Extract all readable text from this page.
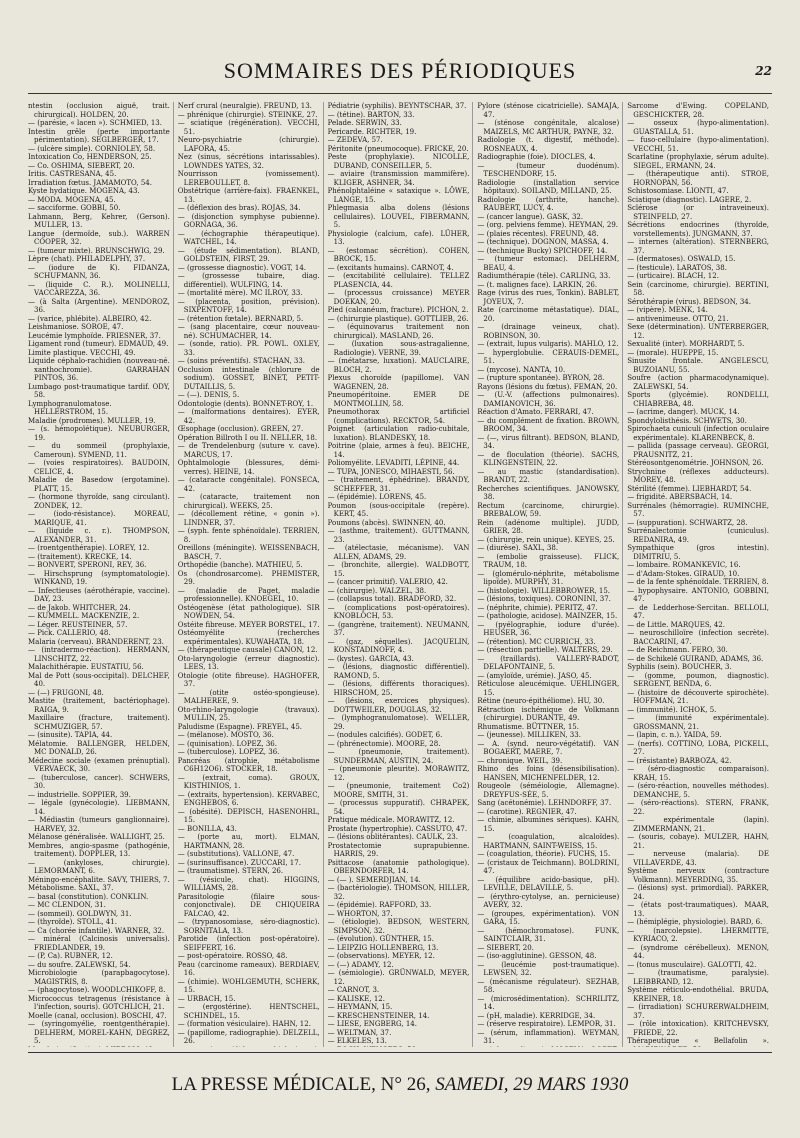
SOMMAIRES DES PÉRIODIQUES	22

ntestin (occlusion aiguë, trait. chirurgical). HOLDEN, 20.

— (parésie, « lacen »). SCHMIED, 13.

Intestin grêle (perte importante périmentation). SEGLBERGER, 17.

— (ulcère simple). CORNIOLEY, 58.

Intoxication Co, HENDERSON, 25.

— Co. OSHIMA, SIEBERT, 20.

Iritis. CASTRESANA, 45.

Irradiation fœtus. JAMAMOTO, 54.

Kyste hydatique. MOGENA, 43.

— MODA. MOGENA, 45.

— sacciforme. GOBBI, 50.

Lahmann, Berg, Kehrer, (Gerson). MULLER, 13.

Langue (dermoïde, sub.). WARREN COOPER, 32.

— (tumeur mixte). BRUNSCHWIG, 29.

Lèpre (chat). PHILADELPHY, 37.

— (iodure de K). FIDANZA, SCHUFMANN, 36.

— (liquide C. R.). MOLINELLI, VACCAREZZA, 36.

— (à Salta (Argentine). MENDOROZ, 36.

— (varice, phlébite). ALBEIRO, 42.

Leishmaniose. SOROE, 47.

Leucémie lymphoïde. FRIESNER, 37.

Ligament rond (tumeur). EDMAUD, 49.

Limite plastique. VECCHI, 49.

Liquide céphalo-rachidien (nouveau-né. xanthochromie). GARRAHAN PINTOS, 36.

Lumbago post-traumatique tardif. ODY, 58.

Lymphogranulomatose. HELLERSTROM, 15.

Maladie (prodromes). MULLER, 19.

— (s. hémopoïétique). NEUBURGER, 19.

— du sommeil (prophylaxie, Cameroun). SYMEND, 11.

— (voies respiratoires). BAUDOIN, CELICE, 4.

Maladie de Basedow (ergotamine). PLATT, 15.

— (hormone thyroïde, sang circulant). ZONDEK, 12.

— (iodo-résistance). MOREAU, MARIQUE, 41.

— (liquide c. r.). THOMPSON, ALEXANDER, 31.

— (roentgenthérapie). LOREY, 12.

— (traitement). KRECKE, 14.

— BONVERT, SPERONI, REY, 36.

— Hirschsprung (symptomatologie). WINKAND, 19.

— Infectieuses (aérothérapie, vaccine). DAY, 23.

— de Jakob. WHITCHER, 24.

— KUMMELL. MACKENZIE, 2.

— Léger. REUSTEINER, 57.

— Pick. CALLERIO, 48.

Malaria (cerveau). BRANDERENT, 23.

— (intradermo-réaction). HERMANN, LINSCHITZ, 22.

Malachithérapie. EUSTATIU, 56.

Mal de Pott (sous-occipital). DELCHEF, 40.

— (—) FRUGONI, 48.

Mastite (traitement, bactériophage). RAIGA, 9.

Maxillaire (fracture, traitement). SCHMUZIGER, 57.

— (sinusite). TAPIA, 44.

Mélatomie. BALLENGER, HELDEN, MC DONALD, 26.

Médecine sociale (examen prénuptial). VERVAECK, 30.

— (tuberculose, cancer). SCHWERS, 30.

— industrielle. SOPPIER, 39.

— légale (gynécologie). LIEBMANN, 14.

— Médiastin (tumeurs ganglionnaire). HARVEY, 32.

Mélanose généralisée. WALLIGHT, 25.

Membres, angio-spasme (pathogénie, traitement). DOPPLER, 13.

— (ankyloses, chirurgie). LEMORMANT, 6.

Méningo-encéphalite. SAVY, THIERS, 7.

Métabolisme. SAXL, 37.

— basal (constitution). CONKLIN.

— MC CLENDON, 31.

— (sommeil). GOLDWYN, 31.

— (thyroïde). STOLL, 41.

— Ca (chorée infantile). WARNER, 32.

— minéral (Calcinosis universalis). FRIEDLANDER, 19.

— (P, Ca). RUBNER, 12.

— du soufre. ZALEWSKI, 54.

Microbiologie (parapbagocytose). MAGISTRIS, 8.

— (phagocytose). WOODLCHIKOFF, 8.

Micrococcus tetragenus (résistance à l'infection, souris). GOTCHLICH, 21.

Moelle (canal, occlusion). BOSCHI, 47.

— (syringomyélie, roentgenthérapie). DELHERM, MOREL-KAHN, DEGREZ, 5.

Nerf crural (neuralgie). FREUND, 13.

— phrénique (chirurgie). STEINKE, 27.

— sciatique (régénération). VECCHI, 51.

Neuro-psychiatrie (chirurgie). LAFORA, 45.

Nez (sinus, sécrétions intarissables). LOWNDES YATES, 32.

Nourrisson (vomissement). LEREBOULLET, 8.

Obstétrique (arrière-faix). FRAENKEL, 13.

— (déflexion des bras). ROJAS, 34.

— (disjonction symphyse pubienne). GORNAGA, 36.

— (échographie thérapeutique). WATCHEL, 14.

— (étude sédimentation). BLAND, GOLDSTEIN, FIRST, 29.

— (grossesse diagnostic). VOGT, 14.

— (grossesse tubaire, diag. différentiel). WULFING, 14.

— (mortalité mère). MC ILROY, 33.

— (placenta, position, prévision). SIXPENTOFF, 14.

— (rétention fœtale). BERNARD, 5.

— (sang placentaire, cœur nouveau-né). SCHUMACHER, 14.

— (sonde, ratio). PR. POWL. OXLEY, 33.

— (soins préventifs). STACHAN, 33.

Occlusion intestinale (chlorure de sodium). GOSSET, BINET, PETIT-DUTAILLIS, 5.

— (—). DENIS, 5.

Odontologie (dents). BONNET-ROY, 1.

— (malformations dentaires). EYER, 42.

Œsophage (occlusion). GREEN, 27.

Opération Billroth I ou II. NELLER, 18.

— de Trendelenburg (suture v. cave). MARCUS, 17.

Ophtalmologie (blessures, démi-verres). HEINE, 14.

— (cataracte congénitale). FONSECA, 42.

— (cataracte, traitement non chirurgical). WEEKS, 25.

— (décollement rétine, « gonin »). LINDNER, 37.

— (syph. fente sphénoïdale). TERRIEN, 8.

Oreillons (méningite). WEISSENBACH, BASCH, 7.

Orthopédie (banche). MATHIEU, 5.

Os (chondrosarcome). PHEMISTER, 29.

— (maladie de Paget, maladie professionnelle). KNOEGEL, 10.

Ostéogenèse (état pathologique). SIR NOWDEN, 54.

Ostéite fibreuse. MEYER BORSTEL, 17.

Ostéomyélite (recherches expérimentales). KUWAHATA, 18.

— (thérapeutique causale) CANON, 12.

Oto-laryngologie (erreur diagnostic). LEES, 13.

Otologie (otite fibreuse). HAGHOFER, 37.

— (otite ostéo-spongieuse). MALHEREE, 9.

Oto-rhino-laryngologie (travaux). MULLIN, 25.

Paludisme (Espagne). FREYEL, 45.

— (mélanose). MOSTO, 36.

— (quinisation). LOPEZ, 36.

— (tuberculose). LOPEZ, 36.

Pancréas (atrophie, métabolisme C6H12O6). STOCKER, 18.

— (extrait, coma). GROUX, KISTHINIOS, 1.

— (extraits, hypertension). KERVABEC, ENGHEBOS, 6.

— (obésité). DEPISCH, HASENOHRL, 15.

— BONILLA, 43.

— (porte au, mort). ELMAN, HARTMANN, 28.

— (substitutions). VALLONE, 47.

— (surinsuffisance). ZUCCARI, 17.

— (traumatisme). STERN, 26.

— (vésicule, chat). HIGGINS, WILLIAMS, 28.

Parasitologie (filaire sous-conjonctivale). DE CHIQUEIRA FALCAO, 42.

— (trypanosomiase, séro-diagnostic). SORNITALA, 13.

Parotide (infection post-opératoire). SEIFFERT, 16.

— post-opératoire. ROSSO, 48.

Peau (carcinome rameaux). BERDIAEV, 16.

— (chimie). WOHLGEMUTH, SCHERK, 15.

— URBACH, 15.

— (ergostérine). HENTSCHEL, SCHINDEL, 15.

— (formation vésiculaire). HAHN, 12.

— (papillome, radiographie). DELZELL, 26.

Pédiatrie (syphilis). BEYNTSCHAR, 37.

— (tétine). BARTON, 33.

Pelade. SERWIN, 33.

Pericarde. RICHTER, 19.

— ZEDEVA, 57.

Péritonite (pneumocoque). FRICKE, 20.

Peste (prophylaxie). NICOLLE, DUBAND, CONSEILLER, 5.

— aviaire (transmission mammifère). KLIGER, ASHNER, 34.

Phénolphtaléine « sataxique ». LÖWE, LANGE, 15.

Phlegmasia alba dolens (lésions cellulaires). LOUVEL, FIBERMANN, 5.

Physiologie (calcium, cafe). LÜHER, 13.

— (estomac sécrétion). COHEN, BROCK, 15.

— (excitants humains). CARNOT, 4.

— (excitabilité cellulaire). TELLEZ PLASENCIA, 44.

— (processus croissance) MEYER DOEKAN, 20.

Pied (calcanéum, fracture). PICHON, 2.

— (chirurgie plastique). GOTTLIEB, 26.

— (équinovarus traitement non chirurgical). MASLAND, 26.

— (luxation sous-astragalienne, Radiologie). VERNE, 39.

— (métatarse, luxation). MAUCLAIRE, BLOCH, 2.

Plexus choroïde (papillome). VAN WAGENEN, 28.

Pneumopéritoine. EMER DE MONTMOLLIN, 58.

Pneumothorax artificiel (complications). RECKTOR, 54.

Poignet (articulation radio-cubitale, luxation). BLANDESKY, 18.

Poitrine (plaie, armes à feu). BEICHE, 14.

Poliomyélite. LEVADITI, LÉPINE, 44.

— TUPA, JONESCO, MIHAESTI, 56.

— (traitement, éphédrine). BRANDY, SCHEFFER, 31.

— (épidémie). LORENS, 45.

Poumon (sous-occipitale (repère). KERT, 45.

Poumons (abcès). SWINNEN, 40.

— (asthme, traitement). GUTTMANN, 23.

— (atélectasie, mécanisme). VAN ALLEN, ADAMS, 29.

— (bronchite, allergie). WALDBOTT, 15.

— (cancer primitif). VALERIO, 42.

— (chirurgie). WALZEL, 38.

— (collapsus total). BRADFORD, 32.

— (complications post-opératoires). KNOBLOCH, 53.

— (gangrène, traitement). NEUMANN, 37.

— (gaz, séquelles). JACQUELIN, KONSTADINOFF, 4.

— (kystes). GARCIA, 43.

— (lésions, diagnostic différentiel). RAMOND, 5.

— (lésions, différents thoraciques). HIRSCHOM, 25.

— (lésions, exercices physiques). DOTTWEILER, DOUGLAS, 32.

— (lymphogranulomatose). WELLER, 29.

— (nodules calcifiés). GODET, 6.

— (phrénectomie). MOORE, 28.

— (pneumonie, traitement). SUNDERMAN, AUSTIN, 24.

— (pneumonie pleurite). MORAWITZ, 12.

— (pneumonie, traitement Co2) MOORE, SMITH, 31.

— (processus suppuratif). CHRAPEK, 54.

Pratique médicale. MORAWITZ, 12.

Prostate (hypertrophie). CASSUTO, 47.

— (lésions oblitérantes). CAULK, 23.

Prostatectomie suprapubienne. HARRIS, 29.

Psittacose (anatomie pathologique). OBERNDORFER, 14.

— (— ). SEMERDJIAN, 14.

— (bactériologie). THOMSON, HILLER, 32.

— (épidémie). RAFFORD, 33.

— WHORTON, 37.

— (étiologie). BEDSON, WESTERN, SIMPSON, 32.

— (évolution). GÜNTHER, 15.

— LEIPZIG HOLLENBERG, 13.

— (observations). MEYER, 12.

— (—) ADAMY, 12.

— (sémiologie). GRÜNWALD, MEYER, 12.

— CARNOT, 3.

— KALISKE, 12.

— HEYMANN, 15.

— KRESCHENSTEINER, 14.

— LIESE, ENGBERG, 14.

— WELTMAN, 37.

— ELKELES, 13.

Pylore (sténose cicatricielle). SAMAJA, 47.

— (sténose congénitale, alcalose) MAIZELS, MC ARTHUR, PAYNE, 32.

Radiologie (t. digestif, méthode). ROSNEAUX, 4.

Radiographie (foie). DIOCLES, 4.

— (tumeur duodénum). TESCHENDORF, 15.

Radiologie (installation service hôpitaux). SOILAND, MILLAND, 25.

Radiologie (arthrite, hanche). RAUBERT, LUCY, 4.

— (cancer langue). GASK, 32.

— (org. pelviens femme). HEYMAN, 29.

— (plaies récentes). FREUND, 48.

— (technique). DOGNON, MASSA, 4.

— (technique Bucky) SPICHOFF, 14.

— (tumeur estomac). DELHERM, BEAU, 4.

Radiumthérapie (téle). CARLING, 33.

— (t. malignes face). LARKIN, 26.

Rage (virus des rues, Tonkin). BABLET, JOYEUX, 7.

Rate (carcinome métastatique). DIAL, 20.

— (drainage veineux, chat). ROBINSON, 30.

— (extrait, lupus vulgaris). MAHLO, 12.

— hyperglobulie. CERAUIS-DEMEL, 51.

— (mycose). NANTA, 10.

— (rupture spontanée). BYRON, 28.

Rayons (lésions du fœtus). FEMAN, 20.

— (U.-V. (affections pulmonaires). DAMIANOVICH, 36.

Réaction d'Amato. FERRARI, 47.

— du complément de fixation. BROWN, BROOM, 34.

— (—, virus filtrant). BEDSON, BLAND, 34.

— de floculation (théorie). SACHS, KLINGENSTEIN, 22.

— au mastic (standardisation). BRANDT, 22.

Recherches scientifiques. JANOWSKY, 38.

Rectum (carcinome, chirurgie). BREBALOW, 59.

Rein (adénome multiple). JUDD, GRIER, 28.

— (chirurgie, rein unique). KEYES, 25.

— (diurèse). SAXL, 38.

— (embolie graisseuse). FLICK, TRAUM, 18.

— (glomérulo-néphrite, métabolisme lipoïde). MURPHY, 31.

— (histologie). WILLEBBROWER, 15.

— (lésions, toxiques). CORONINI, 37.

— (néphrite, chimie). PERITZ, 47.

— (pathologie, acidose). MAINZER, 15.

— (pyélographie, iodure d'urée). HEUSER, 36.

— (rétention). MC CURRICH, 33.

— (résection partielle). WALTERS, 29.

— (traillards). VALLERY-RADOT, DELAFONTAINE, 5.

— (amyloïde, urémie). JASO, 45.

Réticulose aleucémique. UEHLINGER, 15.

Rétine (neuro-épithéliome). HU, 30.

Rétraction ischémique de Volkmann (chirurgie). DURANTE, 49.

Rhumatisme. BÜTTNER, 15.

— (jeunesse). MILLIKEN, 33.

— A. (synd. neuro-végétatif). VAN BOGAERT, MAERE, 7.

— chronique. WEIL, 39.

Rhino des foins (désensibilisation). HANSEN, MICHENFELDER, 12.

Rougeole (séméiologie, Allemagne). DREYFUS-SÉE, 5.

Sang (acétonémie). LEHNDORFF, 37.

— (carotine). REGNIER, 47.

— chimie, albumines sériques). KAHN, 15.

— (coagulation, alcaloïdes). HARTMANN, SAINT-WEISS, 15.

— (coagulation, théorie). FUCHS, 15.

— (cristaux de Teichmann). BOLDRINI, 47.

— (équilibre acido-basique, pH). LEVILLE, DELAVILLE, 5.

— (érythro-cytolyse, an. pernicieuse) AVERY, 32.

— (groupes, expérimentation). VON GARA, 15.

— (hémochromatose). FUNK, SAINTCLAIR, 31.

— SIEBERT, 20.

— (iso-agglutinine). GESSON, 48.

— (leucémie post-traumatique). LEWSEN, 32.

— (mécanisme régulateur). SEZHAB, 58.

— (microsédimentation). SCHRILITZ, 14.

— (pH, maladie). KERRIDGE, 34.

— (réserve respiratoire). LEMPOR, 31.

— (sérum, inflammation). WEYMAN, 31.

Sarcome d'Ewing. COPELAND, GESCHICKTER, 28.

— osseux (hypo-alimentation). GUASTALLA, 51.

— fuso-cellulaire (hypo-alimentation). VECCHI, 51.

Scarlatine (prophylaxie, sérum adulte). SIEGEL, ERMANN, 24.

— (thérapeutique anti). STROE, HORNOPAN, 56.

Schistosomiase. LIONTI, 47.

Sciatique (diagnostic). LAGERE, 2.

Sclérose (or intraveineux). STEINFELD, 27.

Sécrétions endocrines (thyroïde, vorstellements). JUNGMANN, 37.

— internes (altération). STERNBERG, 37.

— (dermatoses). OSWALD, 15.

— (testicule). LARATOS, 38.

— (urticaire). BLACH, 12.

Sein (carcinome, chirurgie). BERTINI, 58.

Sérothérapie (virus). BEDSON, 34.

— (vipère). MENK, 14.

— antivenimeuse. OTTO, 21.

Sexe (détermination). UNTERBERGER, 12.

Sexualité (inter). MORHARDT, 5.

— (morale). HUEPPE, 15.

Sinusite frontale. ANGELESCU, BUZOIANU, 55.

Soufre (action pharmacodynamique). ZALEWSKI, 54.

Sports (glycémie). RONDELLI, CHIABREBA, 48.

— (acrime, danger). MUCK, 14.

Spondylolisthésis. SCHWETS, 30.

Spirochaeta cuniculi (infection oculaire expérimentale). KLARENBECK, 8.

— pallida (passage cerveau). GEORGI, PRAUSNITZ, 21.

Stéréosontgenométrie. JOHNSON, 26.

Strychnine (réflexes adducteurs). MOREY, 48.

Stérilité (femme). LIEBHARDT, 54.

— frigidité. ABERSBACH, 14.

Surrénales (hémorragie). RUMINCHE, 57.

— (suppuration). SCHWARTZ, 28.

Surrénalectomie (cuniculus). REDANIRA, 49.

Sympathique (gros intestin). DIMITRIU, 5.

— lombaire. ROMANKEVIC, 16.

— d'Adam-Stokes. GIRAUD, 10.

— de la fente sphénoïdale. TERRIEN, 8.

— hypophysaire. ANTONIO, GOBBINI, 47.

— de Ledderhose-Sercitan. BELLOLI, 47.

— de Little. MARQUES, 42.

— neuroschilloïre (infection secrète). BACCARINI, 47.

— de Reichmann. FERO, 30.

— de Schikelé GUIRAND, ADAMS, 36.

Syphilis (sein). BOUCHER, 3.

— (gomme, poumon, diagnostic). SERGENT, BENDA, 6.

— (histoire de découverte spirochète). HOFFMAN, 21.

— (immunité). ICHOK, 5.

— (immunité expérimentale). GROSSMANN, 21.

— (lapin, c. n.). YAIDA, 59.

— (nerfs). COTTINO, LOBA, PICKELL, 27.

— (résistante) BARBOZA, 42.

— (séro-diagnostic comparaison). KRAH, 15.

— (séro-réaction, nouvelles méthodes). DEMANCHE, 5.

— (séro-réactions). STERN, FRANK, 22.

— expérimentale (lapin). ZIMMERMANN, 21.

— (souris, cobaye). MULZER, HAHN, 21.

— nerveuse (malaria). DE VILLAVERDE, 43.

Système nerveux (contracture Volkmann). MEYERDING, 35.

— (lésions) syst. primordial). PARKER, 24.

— (états post-traumatiques). MAAR, 13.

— (hémiplégie, physiologie). BARD, 6.

— (narcolepsie). LHERMITTE, KYRIACO, 2.

— (syndrome cérébelleux). MENON, 44.

— (tonus musculaire). GALOTTI, 42.

— (traumatisme, paralysie). LEIBBRAND, 12.

Système réticulo-endothélial. BRUDA, KREINER, 18.

— (irradiation) SCHURERWALDHEIM, 37.

— (rôle intoxication). KRITCHEVSKY, FRIEDE, 22.

Thérapeutique « Bellafolin ».

LA PRESSE MÉDICALE, N° 26, SAMEDI, 29 MARS 1930
